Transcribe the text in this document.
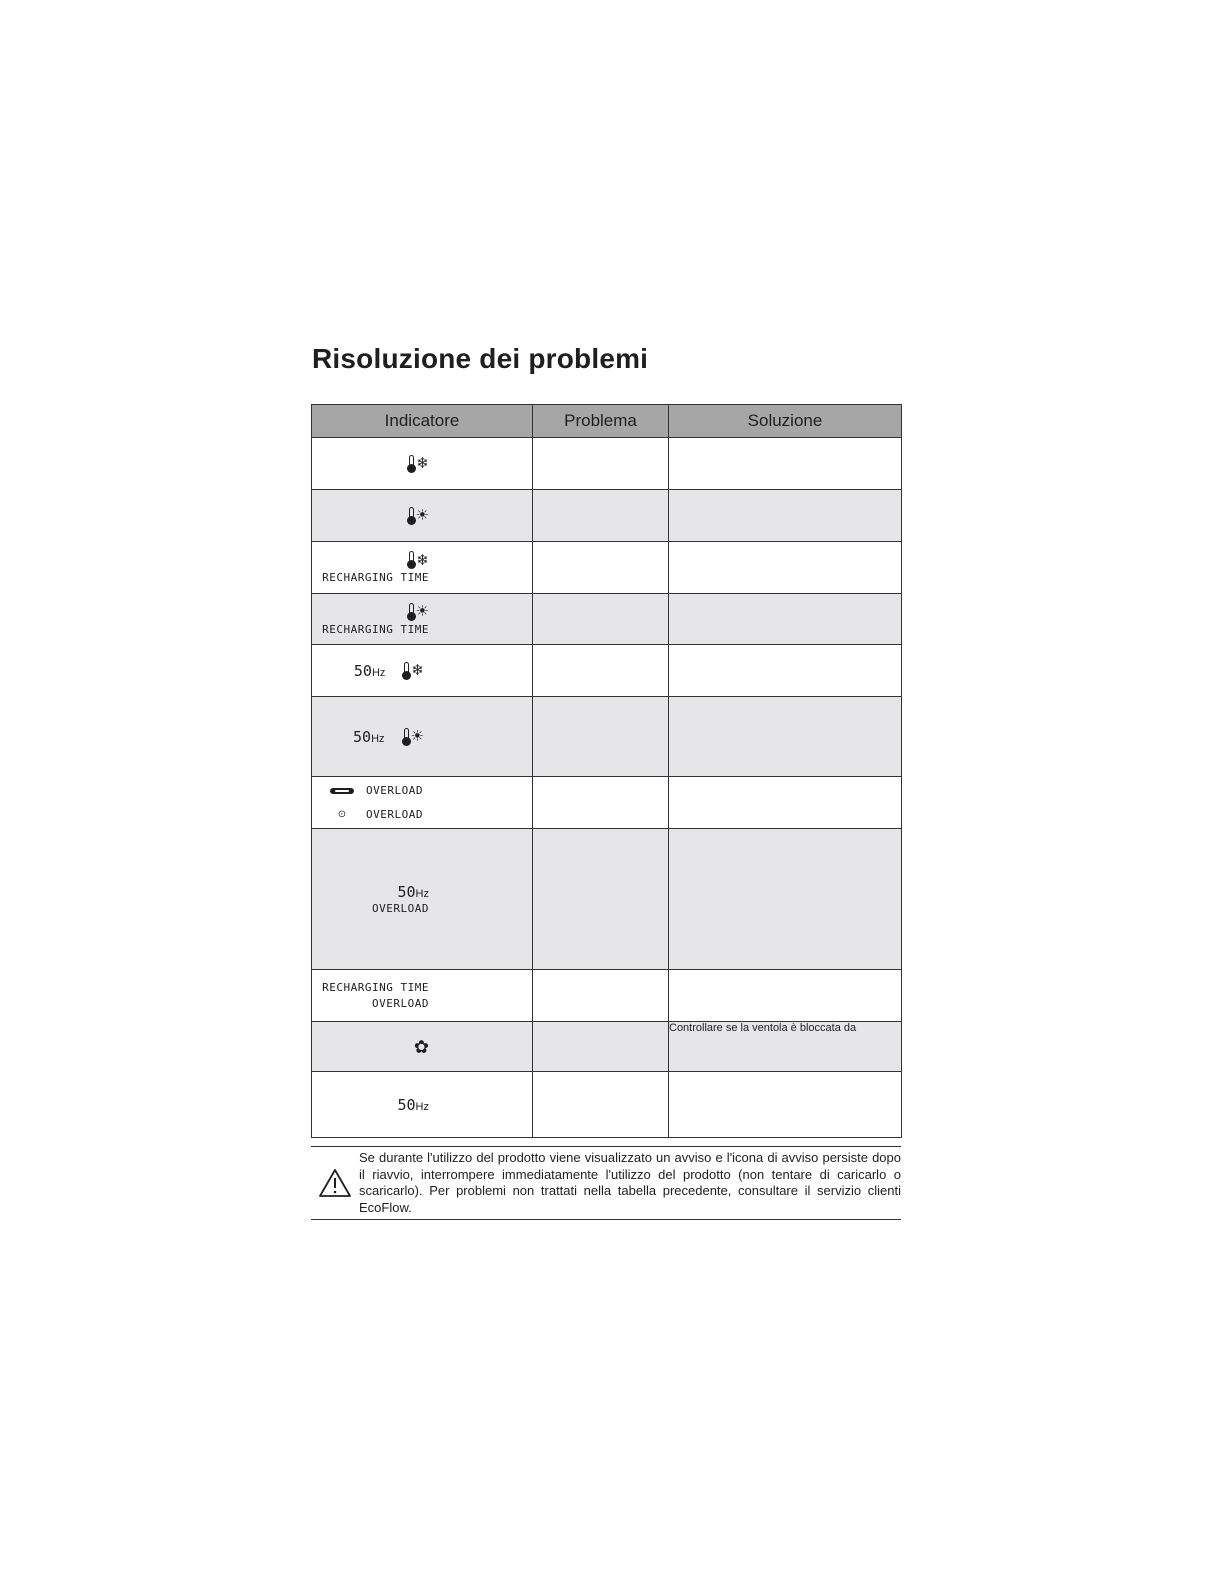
Risoluzione dei problemi
Indicatore	Problema	Soluzione

❄		

☀		

❄
RECHARGING TIME		

☀
RECHARGING TIME		

50Hz ❄		

50Hz ☀		

OVERLOAD
⊙ OVERLOAD		

50Hz
OVERLOAD		

RECHARGING TIME
OVERLOAD		

✿		Controllare se la ventola è bloccata da

50Hz		

Se durante l'utilizzo del prodotto viene visualizzato un avviso e l'icona di avviso persiste dopo il riavvio, interrompere immediatamente l'utilizzo del prodotto (non tentare di caricarlo o scaricarlo). Per problemi non trattati nella tabella precedente, consultare il servizio clienti EcoFlow.
